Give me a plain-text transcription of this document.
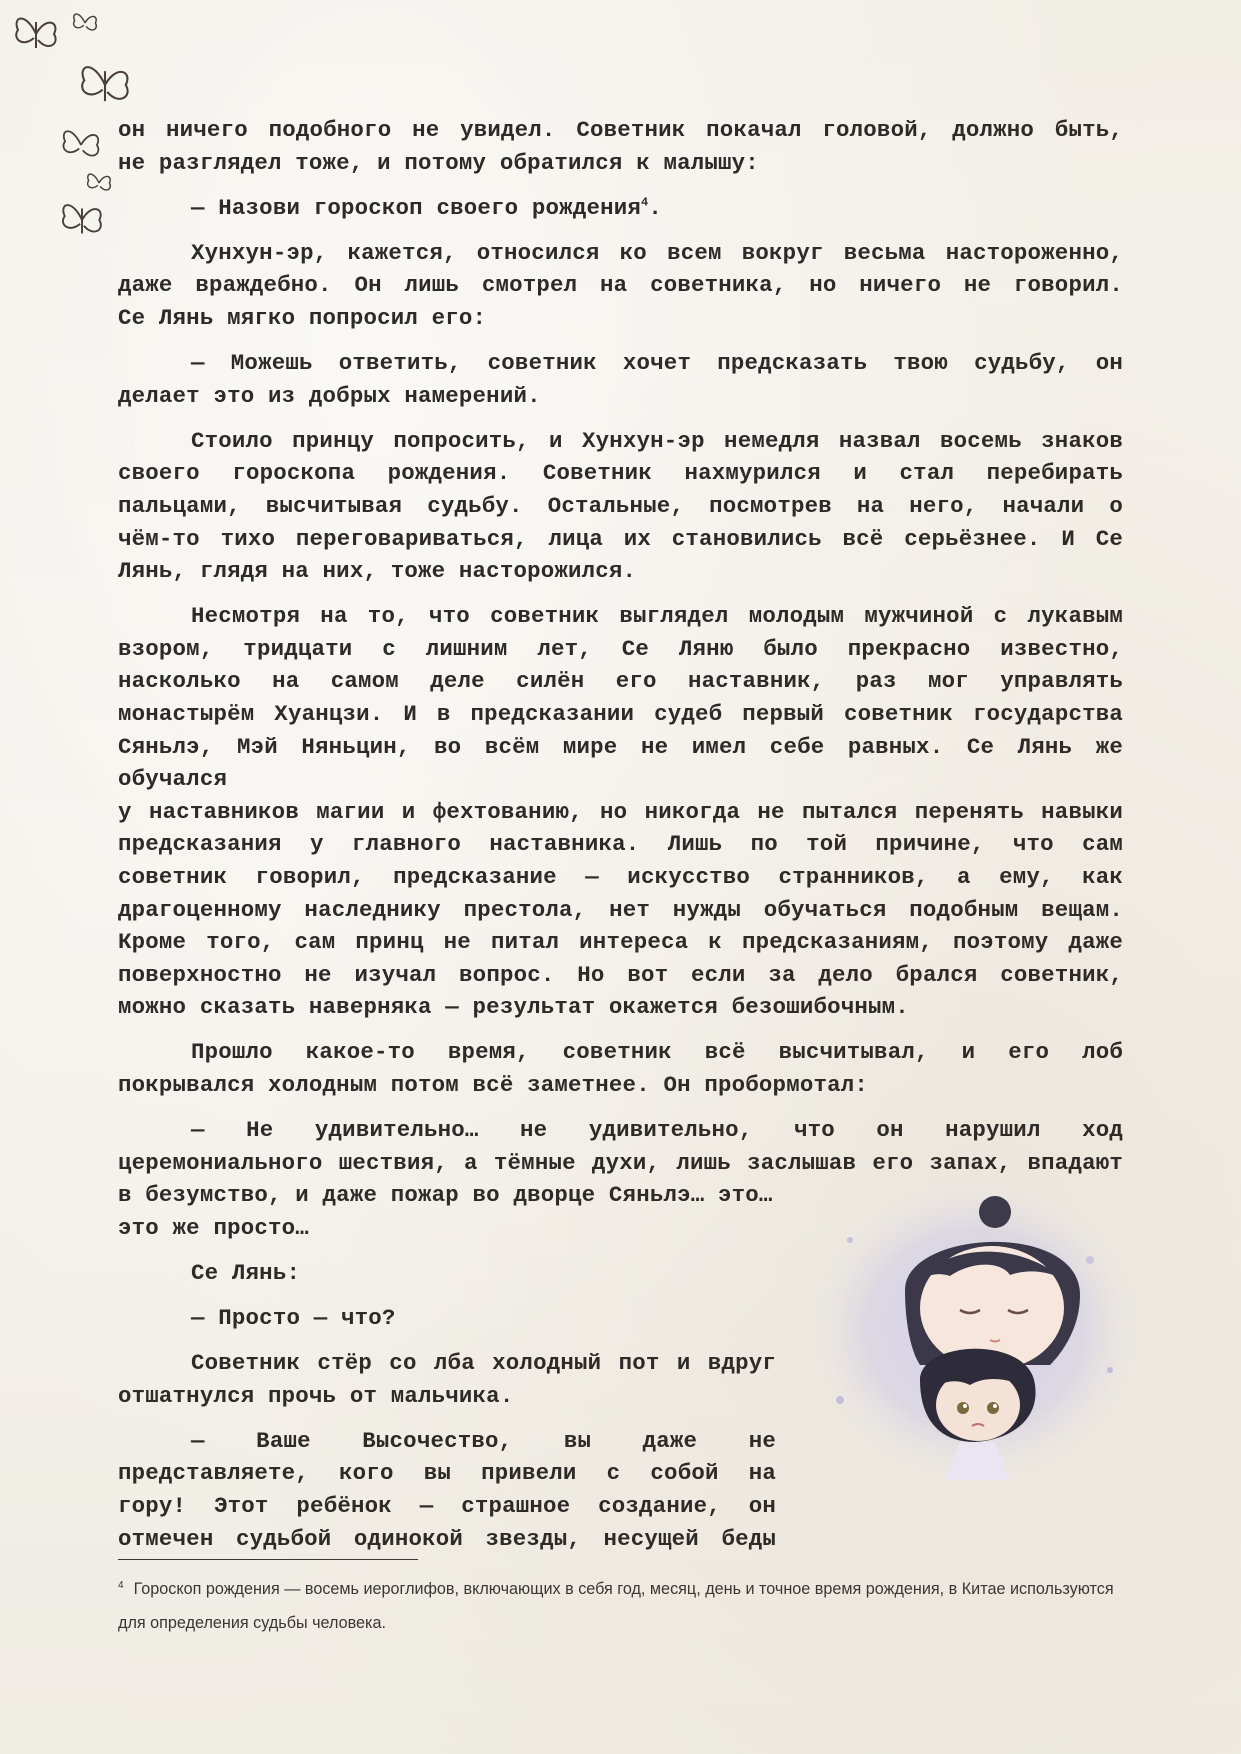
он ничего подобного не увидел. Советник покачал головой, должно быть,
не разглядел тоже, и потому обратился к малышу:

— Назови гороскоп своего рождения$^4$.

Хунхун-эр, кажется, относился ко всем вокруг весьма настороженно,
даже враждебно. Он лишь смотрел на советника, но ничего не говорил.
Се Лянь мягко попросил его:

— Можешь ответить, советник хочет предсказать твою судьбу, он
делает это из добрых намерений.

Стоило принцу попросить, и Хунхун-эр немедля назвал восемь знаков
своего гороскопа рождения. Советник нахмурился и стал перебирать
пальцами, высчитывая судьбу. Остальные, посмотрев на него, начали о
чём-то тихо переговариваться, лица их становились всё серьёзнее. И Се
Лянь, глядя на них, тоже насторожился.

Несмотря на то, что советник выглядел молодым мужчиной с лукавым
взором, тридцати с лишним лет, Се Ляню было прекрасно известно,
насколько на самом деле силён его наставник, раз мог управлять
монастырём Хуанцзи. И в предсказании судеб первый советник государства
Сяньлэ, Мэй Няньцин, во всём мире не имел себе равных. Се Лянь же обучался
у наставников магии и фехтованию, но никогда не пытался перенять навыки
предсказания у главного наставника. Лишь по той причине, что сам
советник говорил, предсказание — искусство странников, а ему, как
драгоценному наследнику престола, нет нужды обучаться подобным вещам.
Кроме того, сам принц не питал интереса к предсказаниям, поэтому даже
поверхностно не изучал вопрос. Но вот если за дело брался советник,
можно сказать наверняка — результат окажется безошибочным.

Прошло какое-то время, советник всё высчитывал, и его лоб
покрывался холодным потом всё заметнее. Он пробормотал:

— Не удивительно… не удивительно, что он нарушил ход
церемониального шествия, а тёмные духи, лишь заслышав его запах, впадают
в безумство, и даже пожар во дворце Сяньлэ… это…
это же просто…

Се Лянь:

— Просто — что?

Советник стёр со лба холодный пот и вдруг
отшатнулся прочь от мальчика.

— Ваше Высочество, вы даже не
представляете, кого вы привели с собой на
гору! Этот ребёнок — страшное создание, он
отмечен судьбой одинокой звезды, несущей беды

$^4$ Гороскоп рождения — восемь иероглифов, включающих в себя год, месяц, день и точное время рождения, в Китае используются для определения судьбы человека.
